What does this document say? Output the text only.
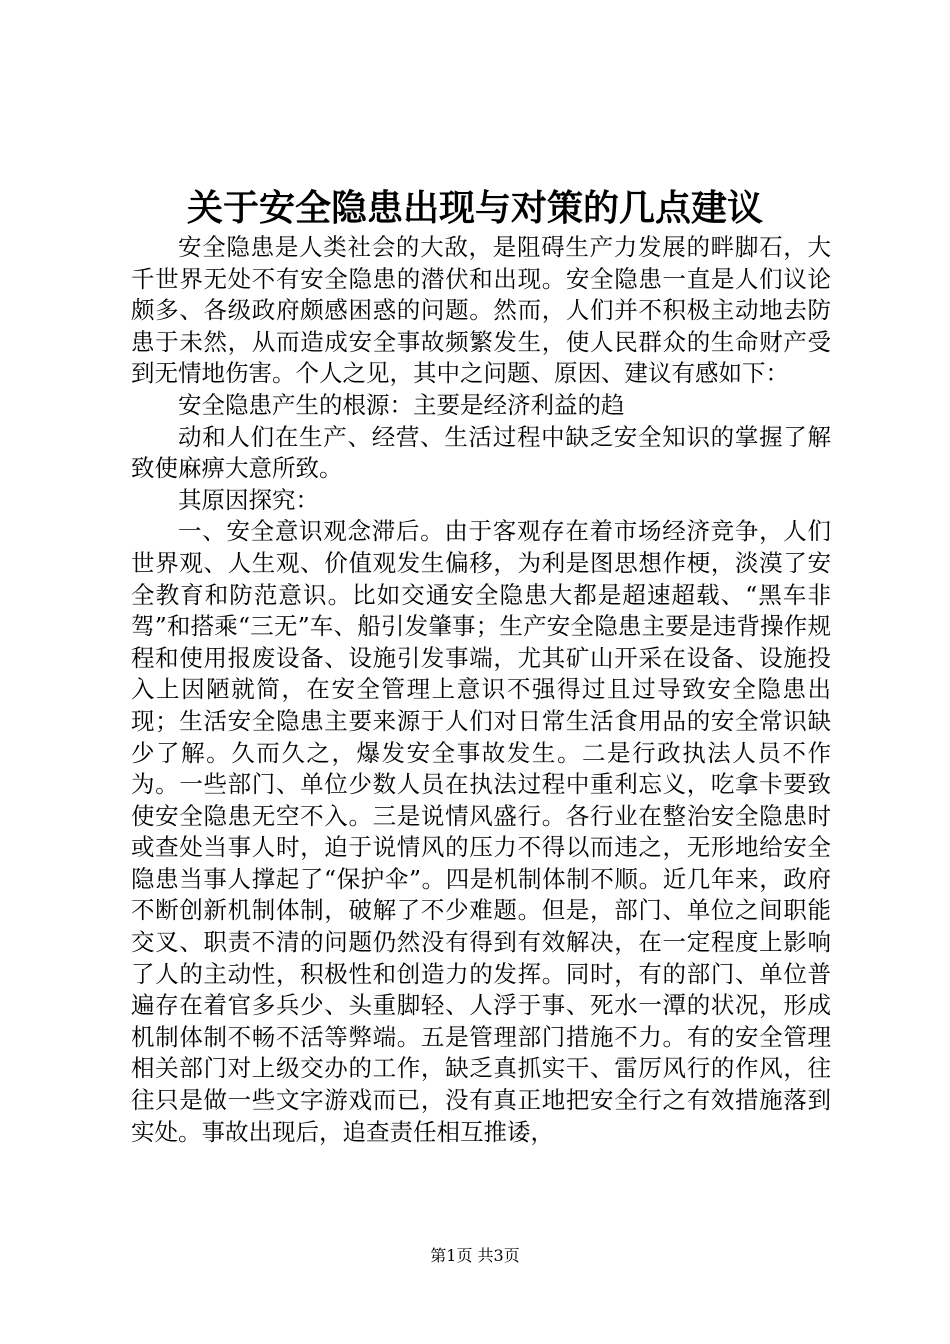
关于安全隐患出现与对策的几点建议

安全隐患是人类社会的大敌，是阻碍生产力发展的畔脚石，大千世界无处不有安全隐患的潜伏和出现。安全隐患一直是人们议论颇多、各级政府颇感困惑的问题。然而，人们并不积极主动地去防患于未然，从而造成安全事故频繁发生，使人民群众的生命财产受到无情地伤害。个人之见，其中之问题、原因、建议有感如下：

安全隐患产生的根源：主要是经济利益的趋

动和人们在生产、经营、生活过程中缺乏安全知识的掌握了解致使麻痹大意所致。

其原因探究：

一、安全意识观念滞后。由于客观存在着市场经济竞争，人们世界观、人生观、价值观发生偏移，为利是图思想作梗，淡漠了安全教育和防范意识。比如交通安全隐患大都是超速超载、“黑车非驾”和搭乘“三无”车、船引发肇事；生产安全隐患主要是违背操作规程和使用报废设备、设施引发事端，尤其矿山开采在设备、设施投入上因陋就简，在安全管理上意识不强得过且过导致安全隐患出现；生活安全隐患主要来源于人们对日常生活食用品的安全常识缺少了解。久而久之，爆发安全事故发生。二是行政执法人员不作为。一些部门、单位少数人员在执法过程中重利忘义，吃拿卡要致使安全隐患无空不入。三是说情风盛行。各行业在整治安全隐患时或查处当事人时，迫于说情风的压力不得以而违之，无形地给安全隐患当事人撑起了“保护伞”。四是机制体制不顺。近几年来，政府不断创新机制体制，破解了不少难题。但是，部门、单位之间职能交叉、职责不清的问题仍然没有得到有效解决，在一定程度上影响了人的主动性，积极性和创造力的发挥。同时，有的部门、单位普遍存在着官多兵少、头重脚轻、人浮于事、死水一潭的状况，形成机制体制不畅不活等弊端。五是管理部门措施不力。有的安全管理相关部门对上级交办的工作，缺乏真抓实干、雷厉风行的作风，往往只是做一些文字游戏而已，没有真正地把安全行之有效措施落到实处。事故出现后，追查责任相互推诿，

第1页 共3页
